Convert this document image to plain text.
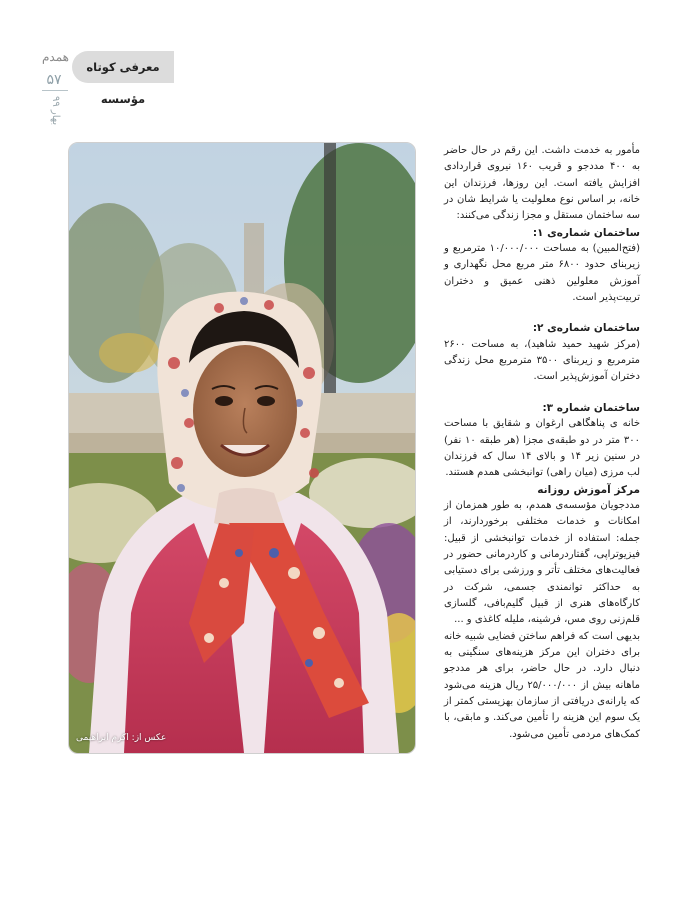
همدم
۵۷
بهار ۹۹
معرفی کوتاه مؤسسه
عکس از: اکرم ابراهیمی

مأمور به خدمت داشت. این رقم در حال حاضر به ۴۰۰ مددجو و قریب ۱۶۰ نیروی قراردادی افزایش یافته است. این روزها، فرزندان این خانه، بر اساس نوع معلولیت یا شرایط شان در سه ساختمان مستقل و مجزا زندگی می‌کنند:

ساختمان شماره‌ی ۱:

(فتح‌المبین) به مساحت ۱۰/۰۰۰/۰۰۰ مترمربع و زیربنای حدود ۶۸۰۰ متر مربع محل نگهداری و آموزش معلولین ذهنی عمیق و دختران تربیت‌پذیر است.

ساختمان شماره‌ی ۲:

(مرکز شهید حمید شاهید)، به مساحت ۲۶۰۰ مترمربع و زیربنای ۳۵۰۰ مترمربع محل زندگی دختران آموزش‌پذیر است.

ساختمان شماره ۳:

خانه ی پناهگاهی ارغوان و شقایق با مساحت ۳۰۰ متر در دو طبقه‌ی مجزا (هر طبقه ۱۰ نفر) در سنین زیر ۱۴ و بالای ۱۴ سال که فرزندان لب مرزی (میان راهی) توانبخشی همدم هستند.

مرکز آموزش روزانه

مددجویان مؤسسه‌ی همدم، به طور همزمان از امکانات و خدمات مختلفی برخوردارند، از جمله: استفاده از خدمات توانبخشی از قبیل: فیزیوتراپی، گفتاردرمانی و کاردرمانی حضور در فعالیت‌های مختلف تأتر و ورزشی برای دستیابی به حداکثر توانمندی جسمی، شرکت در کارگاه‌های هنری از قبیل گلیم‌بافی، گلسازی قلم‌زنی روی مس، فرشینه، ملیله کاغذی و ...

بدیهی است که فراهم ساختن فضایی شبیه خانه برای دختران این مرکز هزینه‌های سنگینی به دنبال دارد. در حال حاضر، برای هر مددجو ماهانه بیش از ۲۵/۰۰۰/۰۰۰ ریال هزینه می‌شود که یارانه‌ی دریافتی از سازمان بهزیستی کمتر از یک سوم این هزینه را تأمین می‌کند. و مابقی، با کمک‌های مردمی تأمین می‌شود.
